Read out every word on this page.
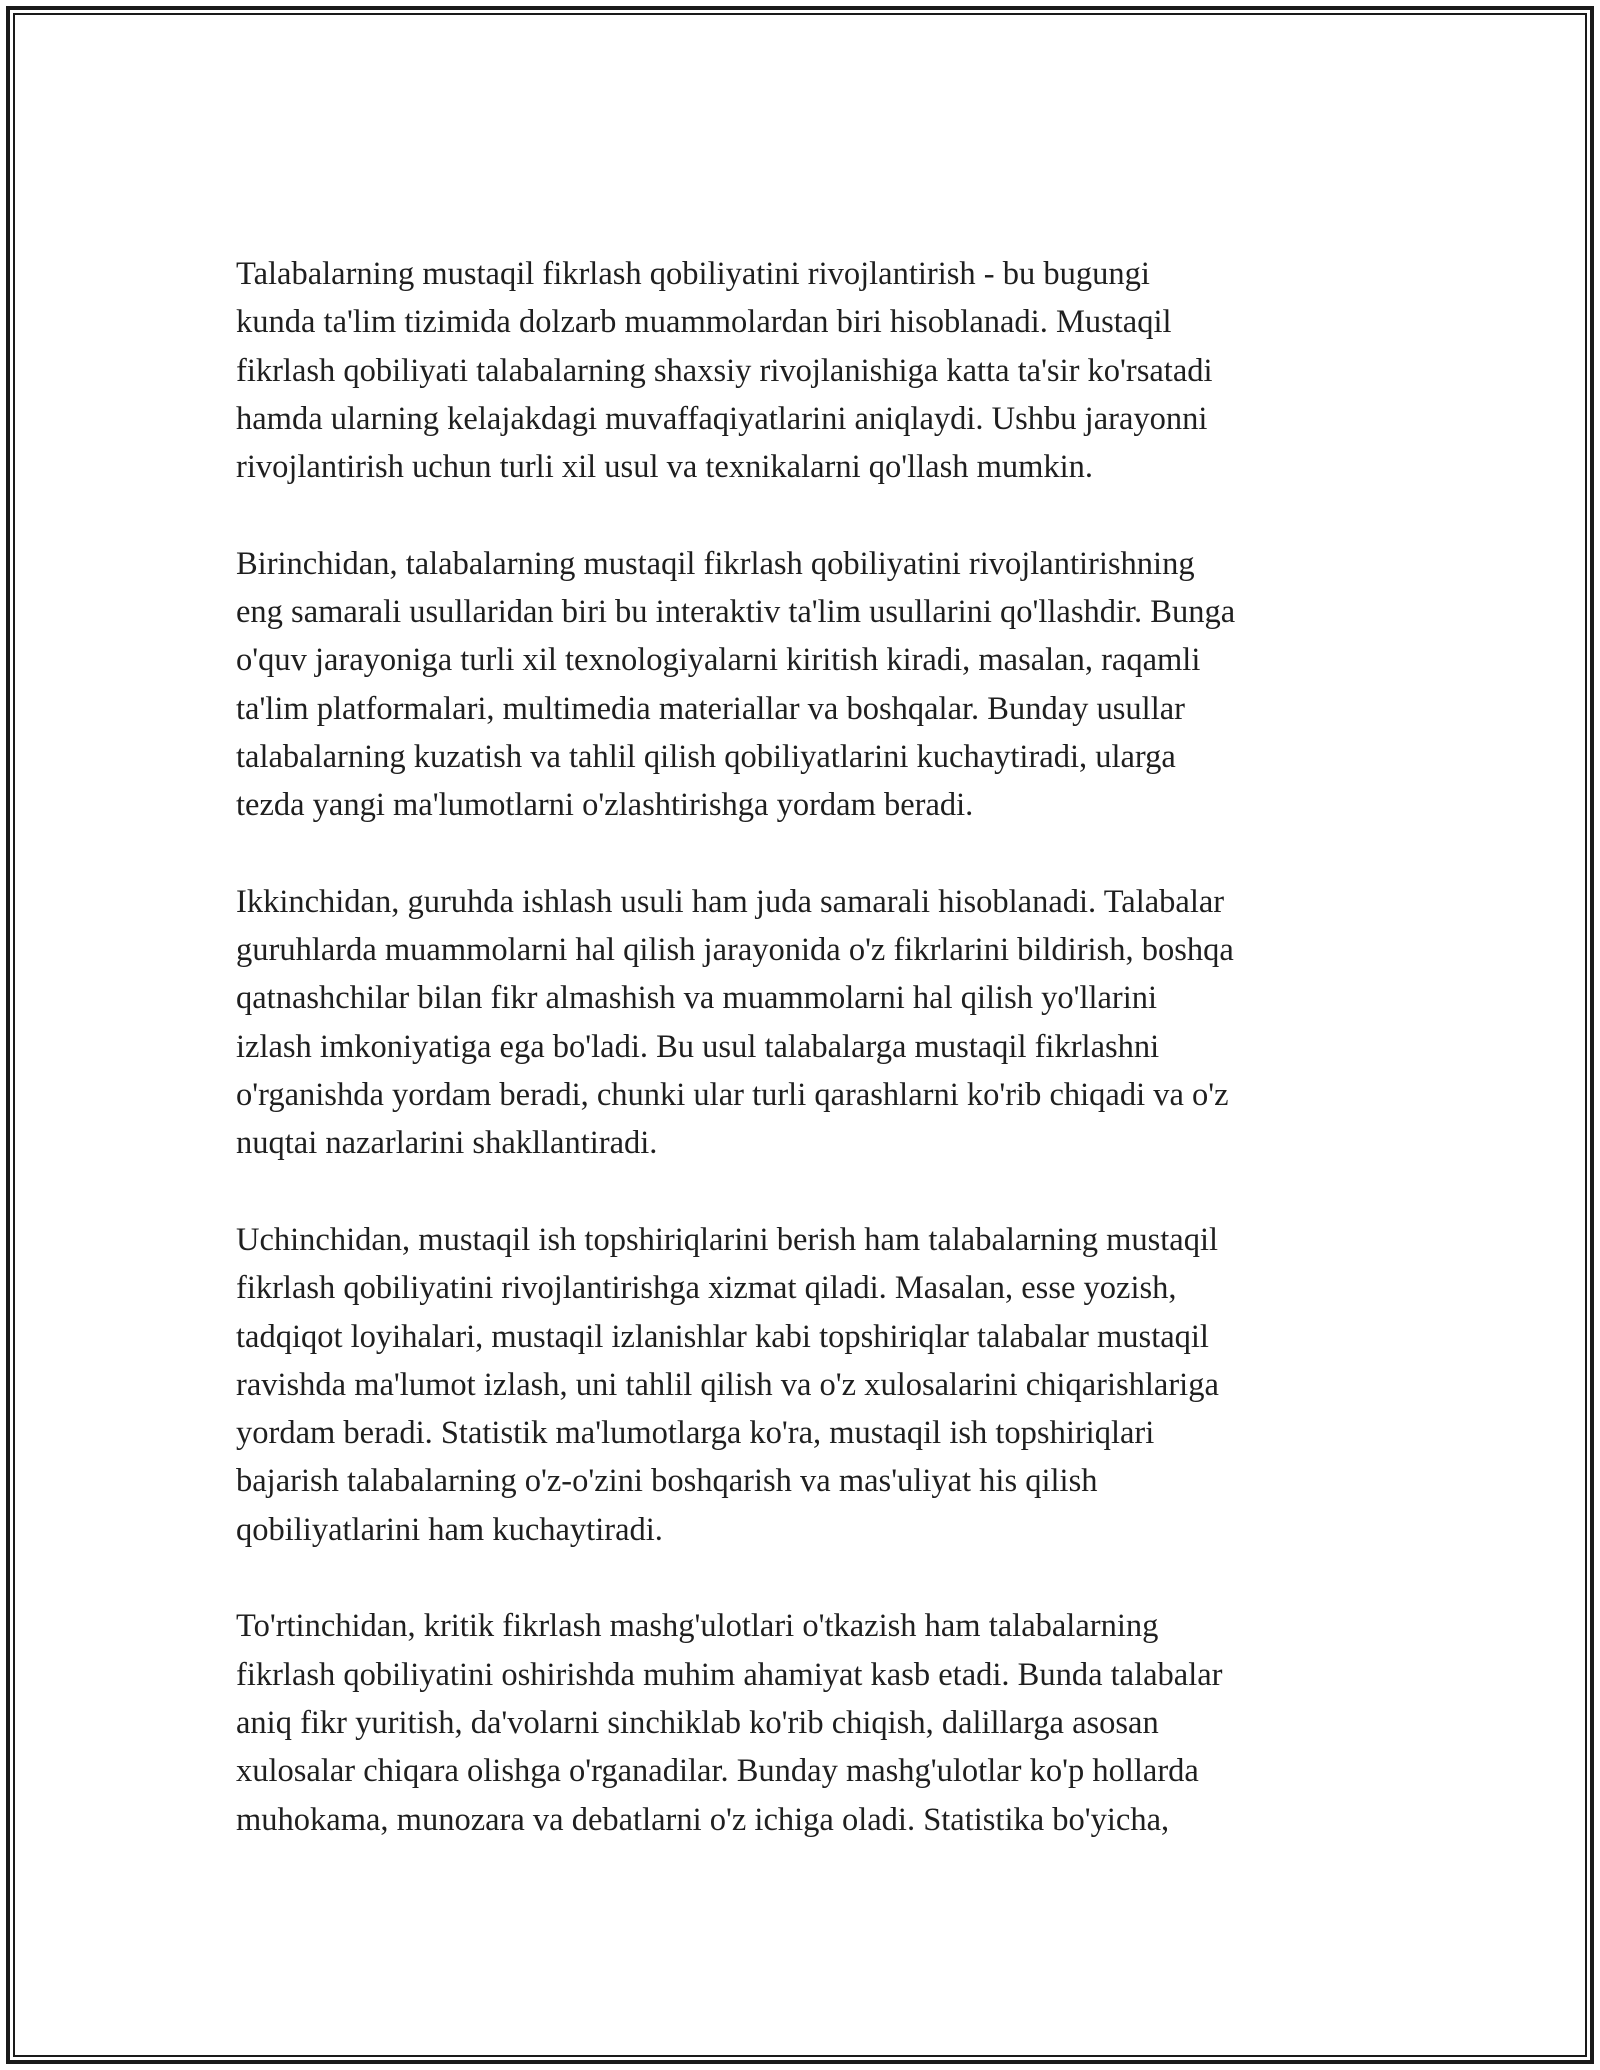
Talabalarning mustaqil fikrlash qobiliyatini rivojlantirish - bu bugungi
kunda ta'lim tizimida dolzarb muammolardan biri hisoblanadi. Mustaqil
fikrlash qobiliyati talabalarning shaxsiy rivojlanishiga katta ta'sir ko'rsatadi
hamda ularning kelajakdagi muvaffaqiyatlarini aniqlaydi. Ushbu jarayonni
rivojlantirish uchun turli xil usul va texnikalarni qo'llash mumkin.
Birinchidan, talabalarning mustaqil fikrlash qobiliyatini rivojlantirishning
eng samarali usullaridan biri bu interaktiv ta'lim usullarini qo'llashdir. Bunga
o'quv jarayoniga turli xil texnologiyalarni kiritish kiradi, masalan, raqamli
ta'lim platformalari, multimedia materiallar va boshqalar. Bunday usullar
talabalarning kuzatish va tahlil qilish qobiliyatlarini kuchaytiradi, ularga
tezda yangi ma'lumotlarni o'zlashtirishga yordam beradi.
Ikkinchidan, guruhda ishlash usuli ham juda samarali hisoblanadi. Talabalar
guruhlarda muammolarni hal qilish jarayonida o'z fikrlarini bildirish, boshqa
qatnashchilar bilan fikr almashish va muammolarni hal qilish yo'llarini
izlash imkoniyatiga ega bo'ladi. Bu usul talabalarga mustaqil fikrlashni
o'rganishda yordam beradi, chunki ular turli qarashlarni ko'rib chiqadi va o'z
nuqtai nazarlarini shakllantiradi.
Uchinchidan, mustaqil ish topshiriqlarini berish ham talabalarning mustaqil
fikrlash qobiliyatini rivojlantirishga xizmat qiladi. Masalan, esse yozish,
tadqiqot loyihalari, mustaqil izlanishlar kabi topshiriqlar talabalar mustaqil
ravishda ma'lumot izlash, uni tahlil qilish va o'z xulosalarini chiqarishlariga
yordam beradi. Statistik ma'lumotlarga ko'ra, mustaqil ish topshiriqlari
bajarish talabalarning o'z-o'zini boshqarish va mas'uliyat his qilish
qobiliyatlarini ham kuchaytiradi.
To'rtinchidan, kritik fikrlash mashg'ulotlari o'tkazish ham talabalarning
fikrlash qobiliyatini oshirishda muhim ahamiyat kasb etadi. Bunda talabalar
aniq fikr yuritish, da'volarni sinchiklab ko'rib chiqish, dalillarga asosan
xulosalar chiqara olishga o'rganadilar. Bunday mashg'ulotlar ko'p hollarda
muhokama, munozara va debatlarni o'z ichiga oladi. Statistika bo'yicha,
